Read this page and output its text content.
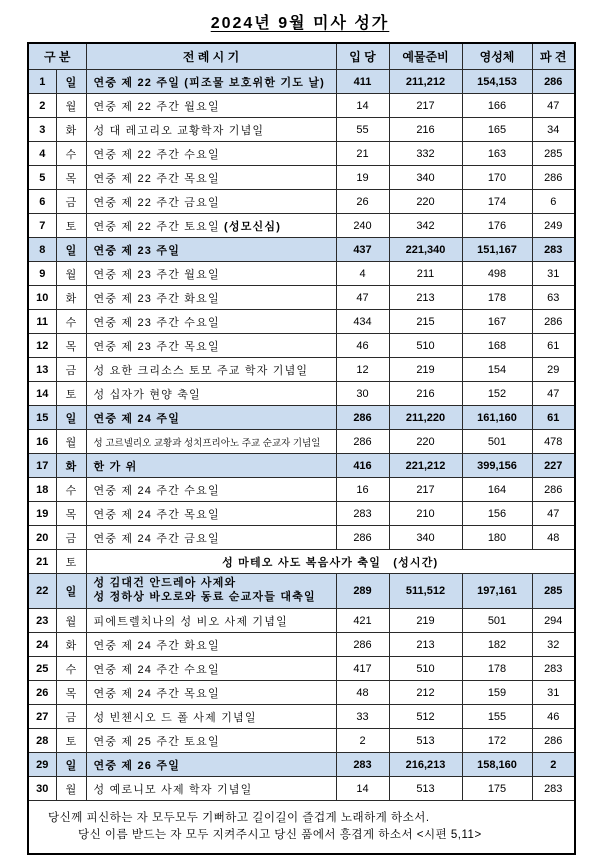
2024년 9월 미사 성가
구 분		전 례 시 기	입 당	예물준비	영성체	파 견
1	일	연중 제 22 주일 (피조물 보호위한 기도 날)	411	211,212	154,153	286
2	월	연중 제 22 주간 월요일	14	217	166	47
3	화	성 대 레고리오 교황학자 기념일	55	216	165	34
4	수	연중 제 22 주간 수요일	21	332	163	285
5	목	연중 제 22 주간 목요일	19	340	170	286
6	금	연중 제 22 주간 금요일	26	220	174	6
7	토	연중 제 22 주간 토요일 (성모신심)	240	342	176	249
8	일	연중 제 23 주일	437	221,340	151,167	283
9	월	연중 제 23 주간 월요일	4	211	498	31
10	화	연중 제 23 주간 화요일	47	213	178	63
11	수	연중 제 23 주간 수요일	434	215	167	286
12	목	연중 제 23 주간 목요일	46	510	168	61
13	금	성 요한 크리소스 토모 주교 학자 기념일	12	219	154	29
14	토	성 십자가 현양 축일	30	216	152	47
15	일	연중 제 24 주일	286	211,220	161,160	61
16	월	성 고르넬리오 교황과 성치프리아노 주교 순교자 기념일	286	220	501	478
17	화	한 가 위	416	221,212	399,156	227
18	수	연중 제 24 주간 수요일	16	217	164	286
19	목	연중 제 24 주간 목요일	283	210	156	47
20	금	연중 제 24 주간 금요일	286	340	180	48
21	토	성 마테오 사도 복음사가 축일　(성시간)				
22	일	성 김대건 안드레아 사제와
성 정하상 바오로와 동료 순교자들 대축일	289	511,512	197,161	285
23	월	피에트렐치나의 성 비오 사제 기념일	421	219	501	294
24	화	연중 제 24 주간 화요일	286	213	182	32
25	수	연중 제 24 주간 수요일	417	510	178	283
26	목	연중 제 24 주간 목요일	48	212	159	31
27	금	성 빈첸시오 드 폴 사제 기념일	33	512	155	46
28	토	연중 제 25 주간 토요일	2	513	172	286
29	일	연중 제 26 주일	283	216,213	158,160	2
30	월	성 예로니모 사제 학자 기념일	14	513	175	283

당신께 피신하는 자 모두모두 기뻐하고 길이길이 즐겁게 노래하게 하소서.
당신 이름 받드는 자 모두 지켜주시고 당신 품에서 흥겹게 하소서 <시편 5,11>						
